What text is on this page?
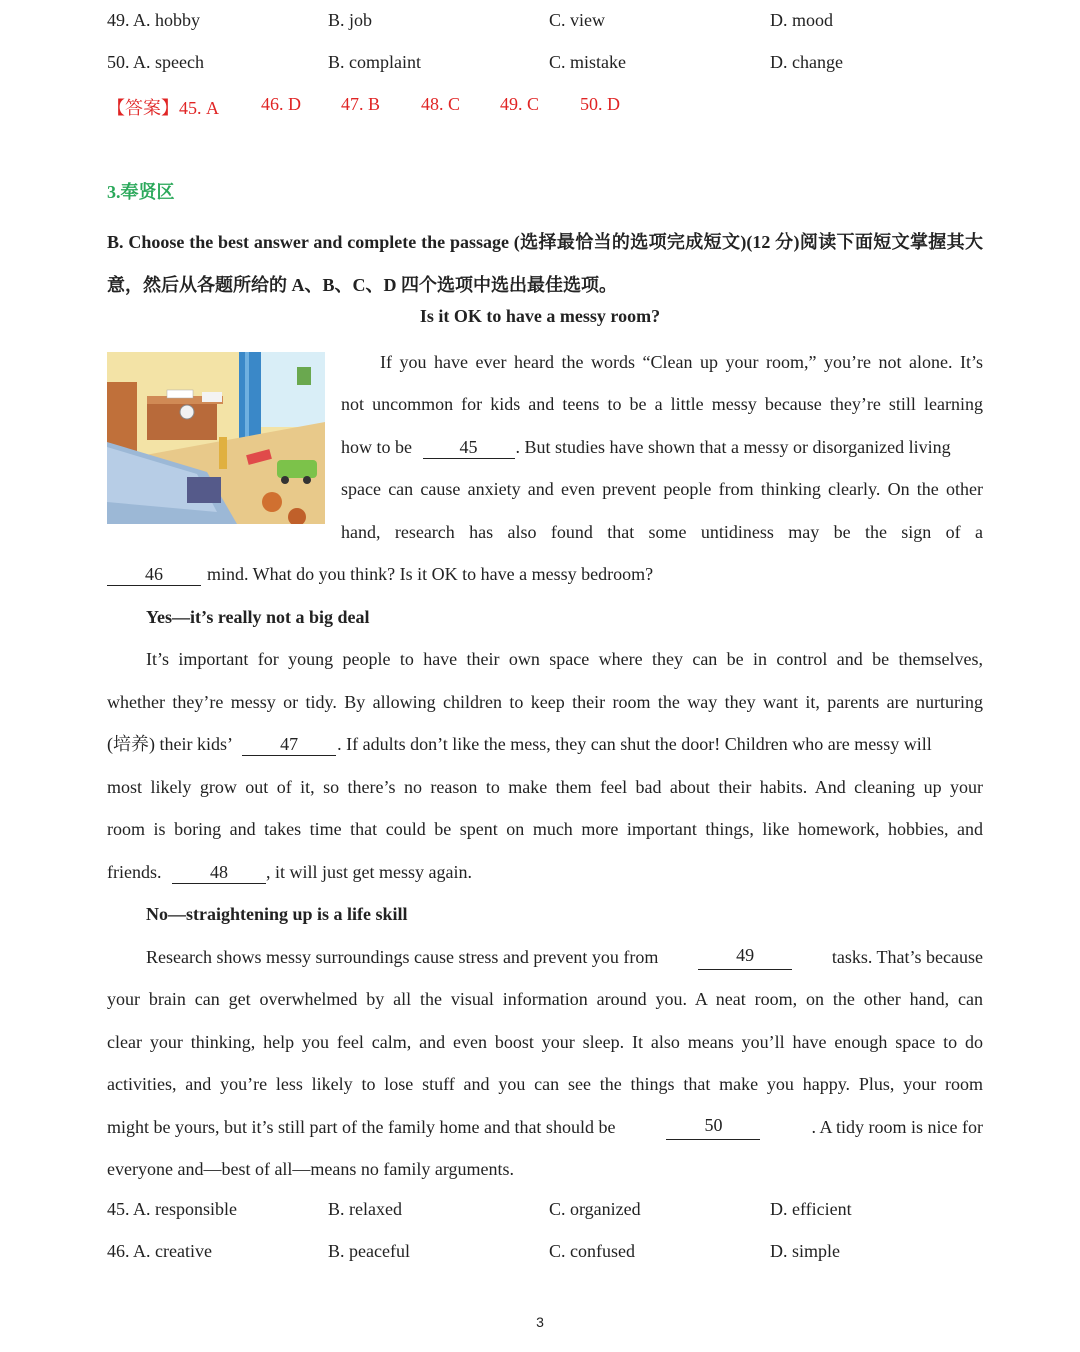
49. A. hobby	B. job	C. view	D. mood
50. A. speech	B. complaint	C. mistake	D. change
【答案】45. A 46. D 47. B 48. C 49. C 50. D
3.奉贤区
B. Choose the best answer and complete the passage (选择最恰当的选项完成短文)(12 分)阅读下面短文掌握其大意，然后从各题所给的 A、B、C、D 四个选项中选出最佳选项。
Is it OK to have a messy room?
If you have ever heard the words “Clean up your room,” you’re not alone. It’s
not uncommon for kids and teens to be a little messy because they’re still learning
how to be	45 . But studies have shown that a messy or disorganized living
space can cause anxiety and even prevent people from thinking clearly. On the other
hand, research has also found that some untidiness may be the sign of a
46 mind. What do you think? Is it OK to have a messy bedroom?
Yes—it’s really not a big deal
It’s important for young people to have their own space where they can be in control and be themselves,
whether they’re messy or tidy. By allowing children to keep their room the way they want it, parents are nurturing
(培养) their kids’	47 . If adults don’t like the mess, they can shut the door! Children who are messy will
most likely grow out of it, so there’s no reason to make them feel bad about their habits. And cleaning up your
room is boring and takes time that could be spent on much more important things, like homework, hobbies, and
friends.	48 , it will just get messy again.
No—straightening up is a life skill
Research shows messy surroundings cause stress and prevent you from	49	tasks. That’s because
your brain can get overwhelmed by all the visual information around you. A neat room, on the other hand, can
clear your thinking, help you feel calm, and even boost your sleep. It also means you’ll have enough space to do
activities, and you’re less likely to lose stuff and you can see the things that make you happy. Plus, your room
might be yours, but it’s still part of the family home and that should be	50	. A tidy room is nice for
everyone and—best of all—means no family arguments.
45. A. responsible	B. relaxed	C. organized	D. efficient
46. A. creative	B. peaceful	C. confused	D. simple
3
